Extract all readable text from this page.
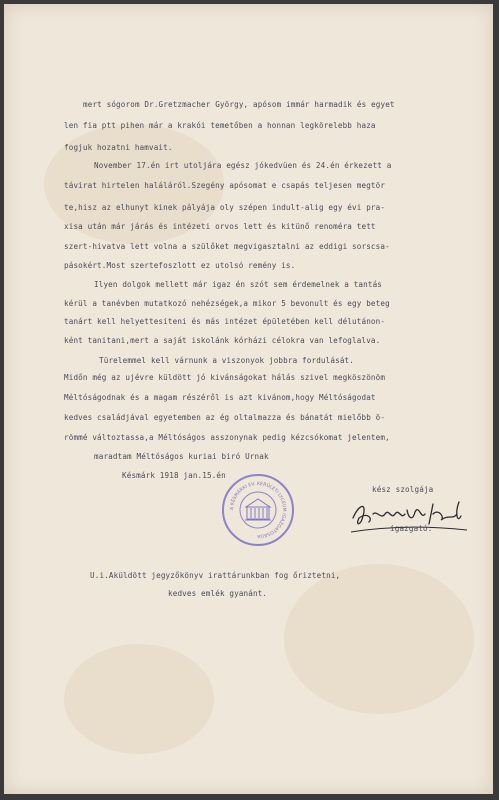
mert sógorom Dr.Gretzmacher György, apósom immár harmadik és egyet
len fia ptt pihen már a krakói temetőben a honnan legkörelebb haza
fogjuk hozatni hamvait.
November 17.én irt utoljára egész jókedvüen és 24.én érkezett a
távirat hirtelen haláláról.Szegény apósomat e csapás teljesen megtör
te,hisz az elhunyt kinek pályája oly szépen indult-alig egy évi pra-
xisa után már járás és intézeti orvos lett és kitünő renoméra tett
szert-hivatva lett volna a szülőket megvigasztalni az eddigi sorscsa-
pásokért.Most szertefoszlott ez utolsó remény is.
Ilyen dolgok mellett már igaz én szót sem érdemelnek a tantás
kérül a tanévben mutatkozó nehézségek,a mikor 5 bevonult és egy beteg
tanárt kell helyettesiteni és más intézet épületében kell délutánon-
ként tanitani,mert a saját iskolánk kórházi célokra van lefoglalva.
Türelemmel kell várnunk a viszonyok jobbra fordulását.
Midőn még az ujévre küldött jó kivánságokat hálás szivel megköszönöm
Méltóságodnak és a magam részéről is azt kivánom,hogy Méltóságodat
kedves családjával egyetemben az ég oltalmazza és bánatát mielőbb ö-
römmé változtassa,a Méltóságos asszonynak pedig kézcsókomat jelentem,
maradtam Méltóságos kuriai biró Urnak
Késmárk 1918 jan.15.én
kész szolgája
A KÉSMÁRKI EV. KERÜLETI LYCEUM IGAZGATÓSÁGA
igazgató.
U.i.Aküldött jegyzőkönyv irattárunkban fog őriztetni,
kedves emlék gyanánt.
